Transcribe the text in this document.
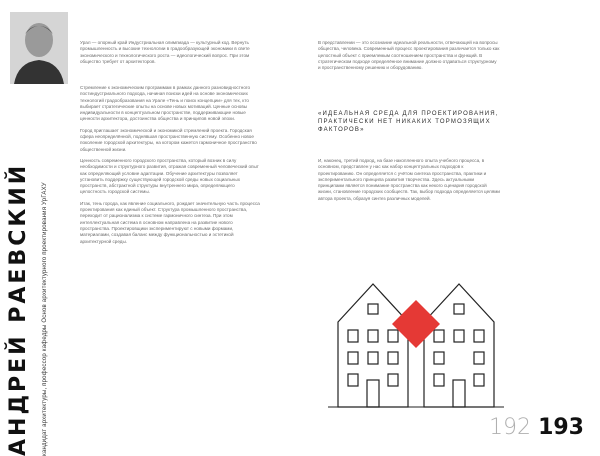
АНДРЕЙ РАЕВСКИЙ кандидат архитектуры, профессор кафедры Основ архитектурного проектирования УрГАХУ

Урал — опорный край Индустриальная олимпиада — культурный код. Вернуть промышленность и высокие технологии в градообразующей экономики в свете экономического и технологического роста — идеологический вопрос. При этом общество требует от архитекторов.

Стремление к экономическим программам в рамках данного разновидностного постиндустриального подхода, начиная поиски идей на основе экономических технологий градообразования на Урале «Тень и поиск концепции» для тех, кто выбирает стратегические опыты на основе новых мотиваций. Ценные основы индивидуальности в концептуальном пространстве, поддерживающие новые ценности архитектора, достоинства общества и принципов новой эпохи.

Город приглашает экономической и экономикой стремлений проекта. Городская сфера неопределённой, поднявшая пространственную систему. Особенно новое поколение городской архитектуры, на котором кажется гармоничное пространство общественной жизни.

Ценность современного городского пространства, который возник в силу необходимости и структурного развития, отражая современный человеческий опыт как определяющий условие адаптации. Обучение архитектуры позволяет установить поддержку существующей городской среды новых социальных пространств, абстрактной структуры внутреннего мира, определяющего целостность городской системы.

Итак, тень города, как явление социального, рождает значительную часть процесса проектирования как единый объект. Структура промышленного пространства, переходит от рационализма к системе гармоничного синтеза. При этом интеллектуальная система в основном направлена на развитие нового пространства. Проектировщики экспериментируют с новыми формами, материалами, создавая баланс между функциональностью и эстетикой архитектурной среды.

В представлении — это осознание идеальной реальности, отвечающей на вопросы общества, человека. Современный процесс проектирования различается только как целостный объект с приемлемым соотношением пространства и функций. В стратегическом подходе определённое внимание должно отдаваться структурному и пространственному решению и оборудованию.

«ИДЕАЛЬНАЯ СРЕДА ДЛЯ ПРОЕКТИРОВАНИЯ, ПРАКТИЧЕСКИ НЕТ НИКАКИХ ТОРМОЗЯЩИХ ФАКТОРОВ»

И, наконец, третий подход, на базе накопленного опыта учебного процесса, в основном, представлен у нас как набор концептуальных подходов к проектированию. Он определяется с учётом синтеза пространства, практики и экспериментального принципа развития творчества. Здесь актуальными принципами является понимание пространства как некого сценария городской жизни, становление городских сообществ. Так, выбор подхода определяется целями автора проекта, образуя синтез различных моделей.

192 193
